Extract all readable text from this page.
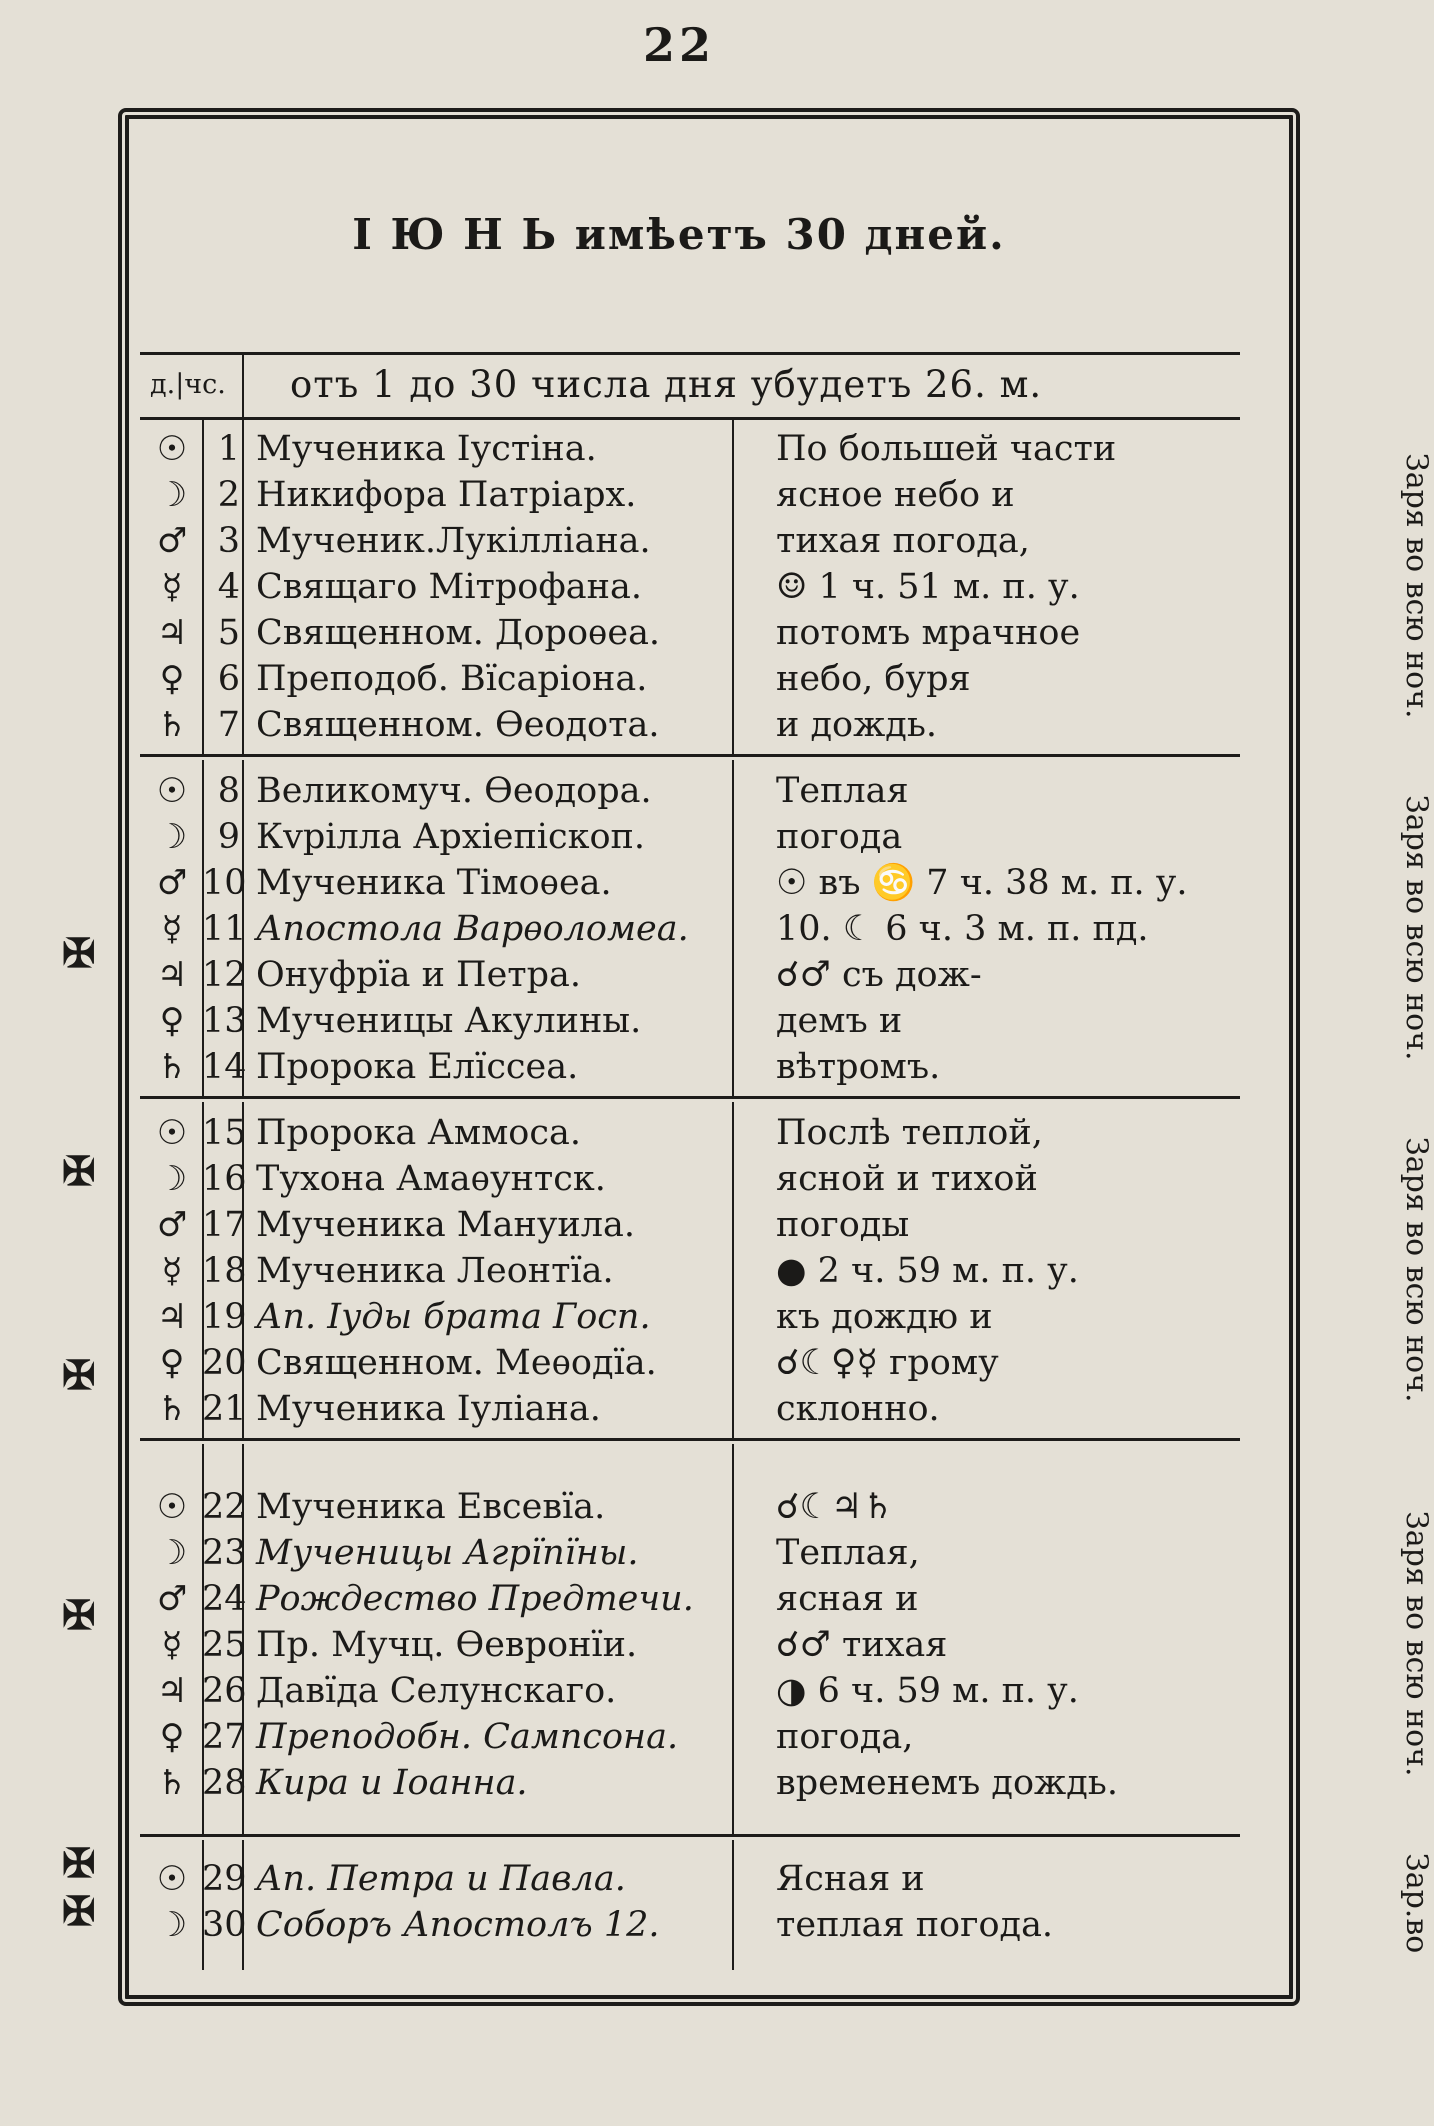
22
І Ю Н Ь имѣетъ 30 дней.
д.|чс. отъ 1 до 30 числа дня убудетъ 26. м.
☉ 1 Мученика Іустіна.	По большей части
☽ 2 Никифора Патріарх.	ясное небо и
♂ 3 Мученик.Лукілліана.	тихая погода,
☿	4 Свящаго Мітрофана.	☺ 1 ч. 51 м. п. у.
♃ 5 Священном. Дороѳеа.	потомъ мрачное
♀ 6 Преподоб. Вїсаріона.	небо, буря
♄ 7 Священном. Ѳеодота.	и дождь.
Заря во всю ноч.
☉ 8 Великомуч. Ѳеодора.	Теплая
☽ 9 Кvрілла Архіепіскоп.	погода
♂ 10 Мученика Тімоѳеа.	☉ въ ♋ 7 ч. 38 м. п. у.
☿ 11 Апостола Варѳоломеа.	10. ☾ 6 ч. 3 м. п. пд.
♃ 12 Онуфрїа и Петра.	☌♂ съ дож-
♀ 13 Мученицы Акулины.	демъ и
♄ 14 Пророка Елїссеа.	вѣтромъ.
Заря во всю ноч.
☉ 15 Пророка Аммоса.	Послѣ теплой,
☽ 16 Тухона Амаѳунтск.	ясной и тихой
♂ 17 Мученика Мануила.	погоды
☿ 18 Мученика Леонтїа.	● 2 ч. 59 м. п. у.
♃ 19 Ап. Іуды брата Госп.	къ дождю и
♀ 20 Священном. Меѳодїа.	☌☾♀☿ грому
♄ 21 Мученика Іуліана.	склонно.
Заря во всю ноч.
☉ 22 Мученика Евсевїа.	☌☾♃♄
☽ 23 Мученицы Агрїпїны.	Теплая,
♂ 24 Рождество Предтечи.	ясная и
☿ 25 Пр. Мучц. Ѳевронїи.	☌♂ тихая
♃ 26 Давїда Селунскаго.	◑ 6 ч. 59 м. п. у.
♀ 27 Преподобн. Сампсона.	погода,
♄ 28 Кира и Іоанна.	временемъ дождь.
Заря во всю ноч.
☉ 29 Ап. Петра и Павла.	Ясная и
☽ 30 Соборъ Апостолъ 12.	теплая погода.	Зар.во
✠
✠
✠
✠
✠
✠
